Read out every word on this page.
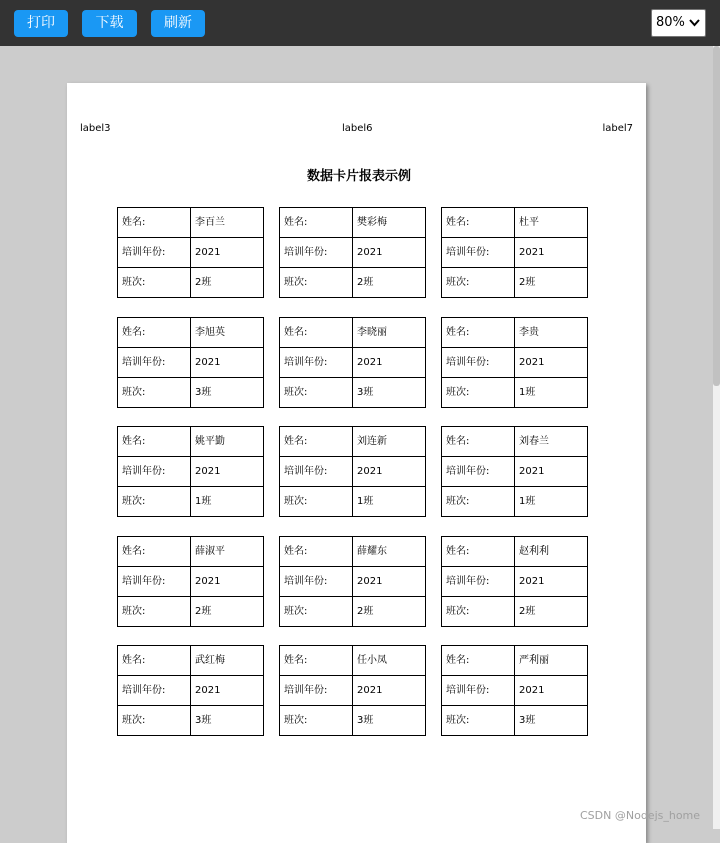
打印	下载	刷新	80%
label3	label6	label7
数据卡片报表示例
姓名:	李百兰
培训年份:	2021
班次:	2班
姓名:	樊彩梅
培训年份:	2021
班次:	2班
姓名:	杜平
培训年份:	2021
班次:	2班
姓名:	李旭英
培训年份:	2021
班次:	3班
姓名:	李晓丽
培训年份:	2021
班次:	3班
姓名:	李贵
培训年份:	2021
班次:	1班
姓名:	姚平勤
培训年份:	2021
班次:	1班
姓名:	刘连新
培训年份:	2021
班次:	1班
姓名:	刘春兰
培训年份:	2021
班次:	1班
姓名:	薛淑平
培训年份:	2021
班次:	2班
姓名:	薛耀东
培训年份:	2021
班次:	2班
姓名:	赵利利
培训年份:	2021
班次:	2班
姓名:	武红梅
培训年份:	2021
班次:	3班
姓名:	任小凤
培训年份:	2021
班次:	3班
姓名:	严利丽
培训年份:	2021
班次:	3班
CSDN @Nodejs_home
